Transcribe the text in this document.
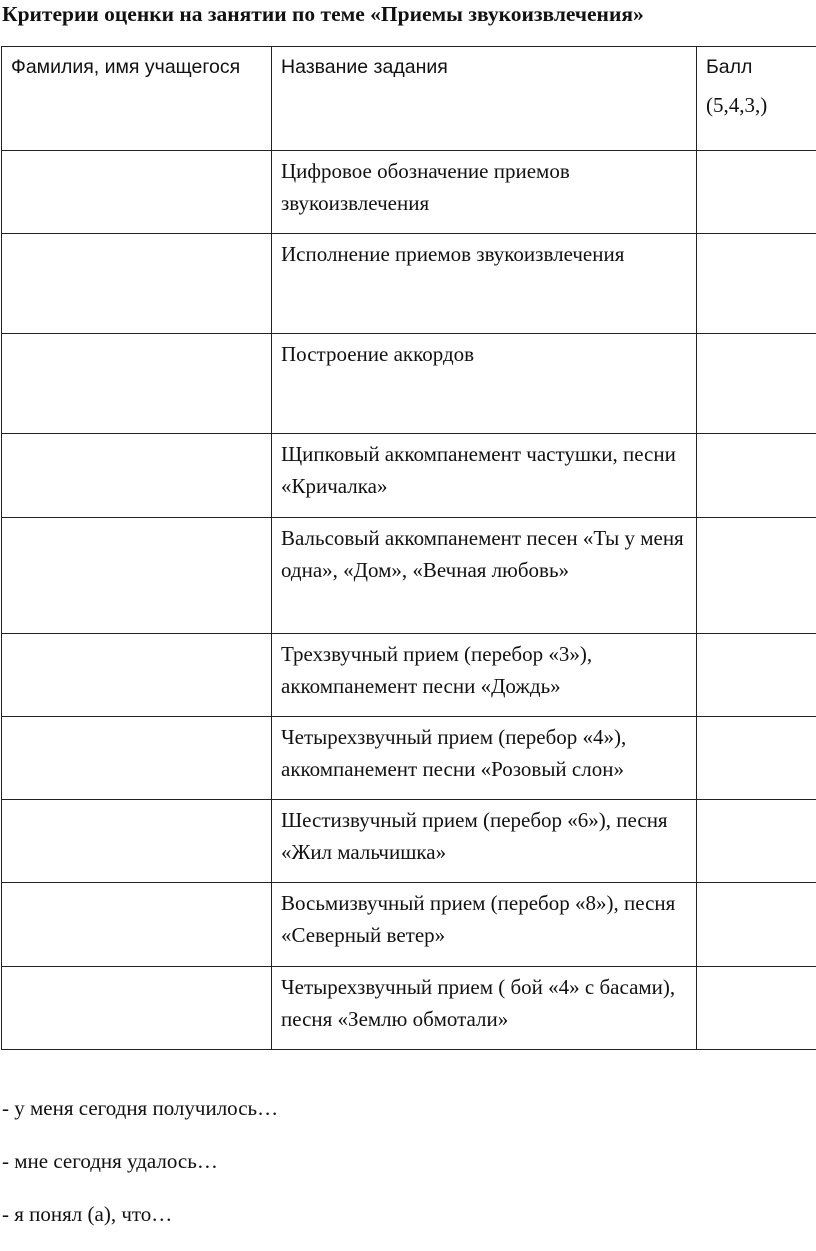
Критерии оценки на занятии по теме «Приемы звукоизвлечения»
Фамилия, имя учащегося	Название задания	Балл
(5,4,3,)

	Цифровое обозначение приемов звукоизвлечения	
	Исполнение приемов звукоизвлечения	
	Построение аккордов	
	Щипковый аккомпанемент частушки, песни «Кричалка»	
	Вальсовый аккомпанемент песен «Ты у меня одна», «Дом», «Вечная любовь»	
	Трехзвучный прием (перебор «3»), аккомпанемент песни «Дождь»	
	Четырехзвучный прием (перебор «4»), аккомпанемент песни «Розовый слон»	
	Шестизвучный прием (перебор «6»), песня «Жил мальчишка»	
	Восьмизвучный прием (перебор «8»), песня «Северный ветер»	
	Четырехзвучный прием ( бой «4» с басами), песня «Землю обмотали»	

- у меня сегодня получилось…

- мне сегодня удалось…

- я понял (а), что…
